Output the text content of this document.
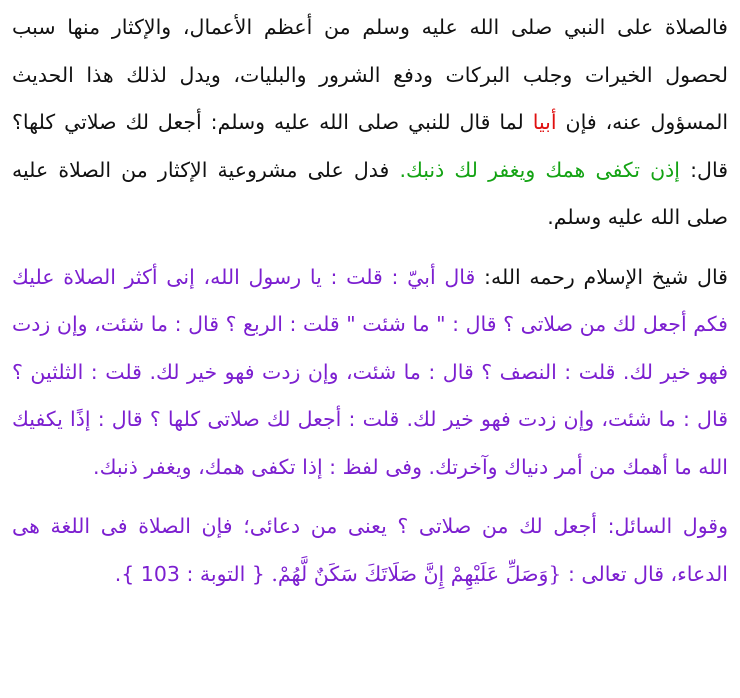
فالصلاة على النبي صلى الله عليه وسلم من أعظم الأعمال، والإكثار منها سبب لحصول الخيرات وجلب البركات ودفع الشرور والبليات، ويدل لذلك هذا الحديث المسؤول عنه، فإن أبيا لما قال للنبي صلى الله عليه وسلم: أجعل لك صلاتي كلها؟ قال: إذن تكفى همك ويغفر لك ذنبك. فدل على مشروعية الإكثار من الصلاة عليه صلى الله عليه وسلم.

قال شيخ الإسلام رحمه الله: قال أبيّ : قلت : يا رسول الله، إنى أكثر الصلاة عليك فكم أجعل لك من صلاتى ؟ قال : " ما شئت " قلت : الربع ؟ قال : ما شئت، وإن زدت فهو خير لك. قلت : النصف ؟ قال : ما شئت، وإن زدت فهو خير لك. قلت : الثلثين ؟ قال : ما شئت، وإن زدت فهو خير لك. قلت : أجعل لك صلاتى كلها ؟ قال : إذًا يكفيك الله ما أهمك من أمر دنياك وآخرتك. وفى لفظ : إذا تكفى همك، ويغفر ذنبك.

وقول السائل: أجعل لك من صلاتى ؟ يعنى من دعائى؛ فإن الصلاة فى اللغة هى الدعاء، قال تعالى : {وَصَلِّ عَلَيْهِمْ إِنَّ صَلَاتَكَ سَكَنٌ لَّهُمْ. { التوبة : 103 }.
